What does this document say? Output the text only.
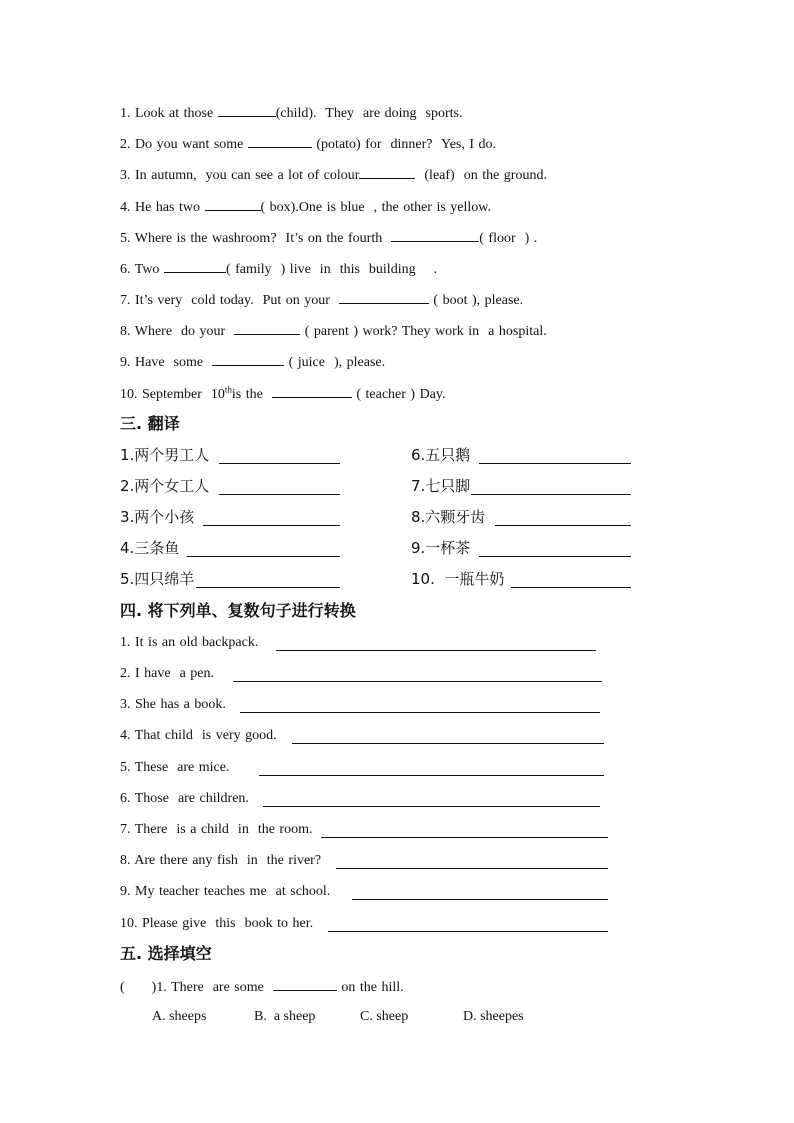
1. Look at those	(child).  They  are doing  sports.
2. Do you want some	(potato) for  dinner?  Yes, I do.
3. In autumn,  you can see a lot of colour	(leaf)  on the ground.
4. He has two	( box).One is blue  , the other is yellow.
5. Where is the washroom?  It’s on the fourth	( floor  ) .
6. Two	( family  ) live  in  this  building    .
7. It’s very  cold today.  Put on your	( boot ), please.
8. Where  do your	( parent ) work? They work in  a hospital.
9. Have  some	( juice  ), please.
10. September  10this the	( teacher ) Day.
三. 翻译
1.两个男工人	6.五只鹅
2.两个女工人	7.七只脚
3.两个小孩	8.六颗牙齿
4.三条鱼	9.一杯茶
5.四只绵羊	10.  一瓶牛奶
四. 将下列单、复数句子进行转换
1. It is an old backpack.
2. I have  a pen.
3. She has a book.
4. That child  is very good.
5. These  are mice.
6. Those  are children.
7. There  is a child  in  the room.
8. Are there any fish  in  the river?
9. My teacher teaches me  at school.
10. Please give  this  book to her.
五. 选择填空
(      )1. There  are some	on the hill.
A. sheeps	B.  a sheep	C. sheep	D. sheepes
